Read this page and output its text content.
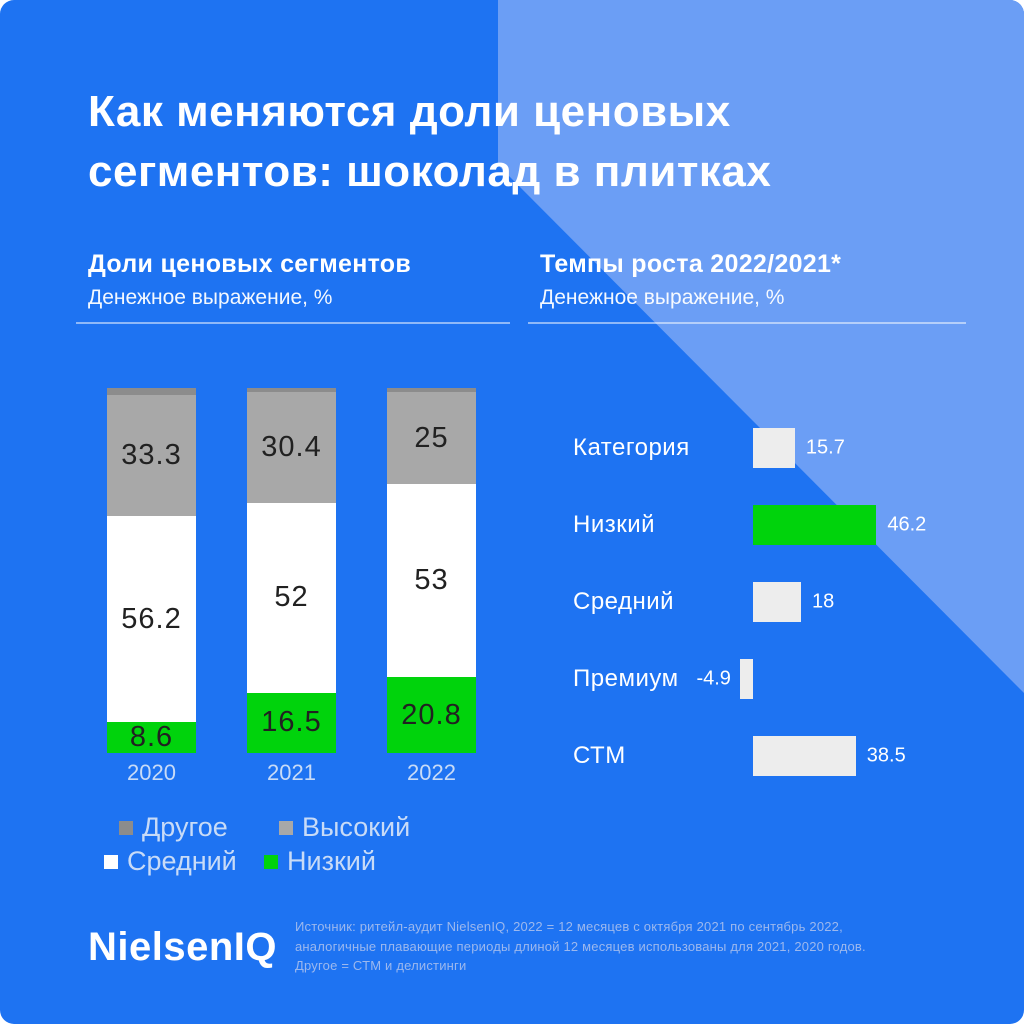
Как меняются доли ценовых
сегментов: шоколад в плитках
Доли ценовых сегментов
Денежное выражение, %
Темпы роста 2022/2021*
Денежное выражение, %
33.3
56.2
8.6
2020
30.4
52
16.5
2021
25
53
20.8
2022
Другое	Высокий
Средний Низкий
Категория	15.7
Низкий	46.2
Средний	18
Премиум -4.9
СТМ	38.5
NielsenIQ Источник: ритейл-аудит NielsenIQ, 2022 = 12 месяцев с октября 2021 по сентябрь 2022,
аналогичные плавающие периоды длиной 12 месяцев использованы для 2021, 2020 годов.
Другое = СТМ и делистинги
